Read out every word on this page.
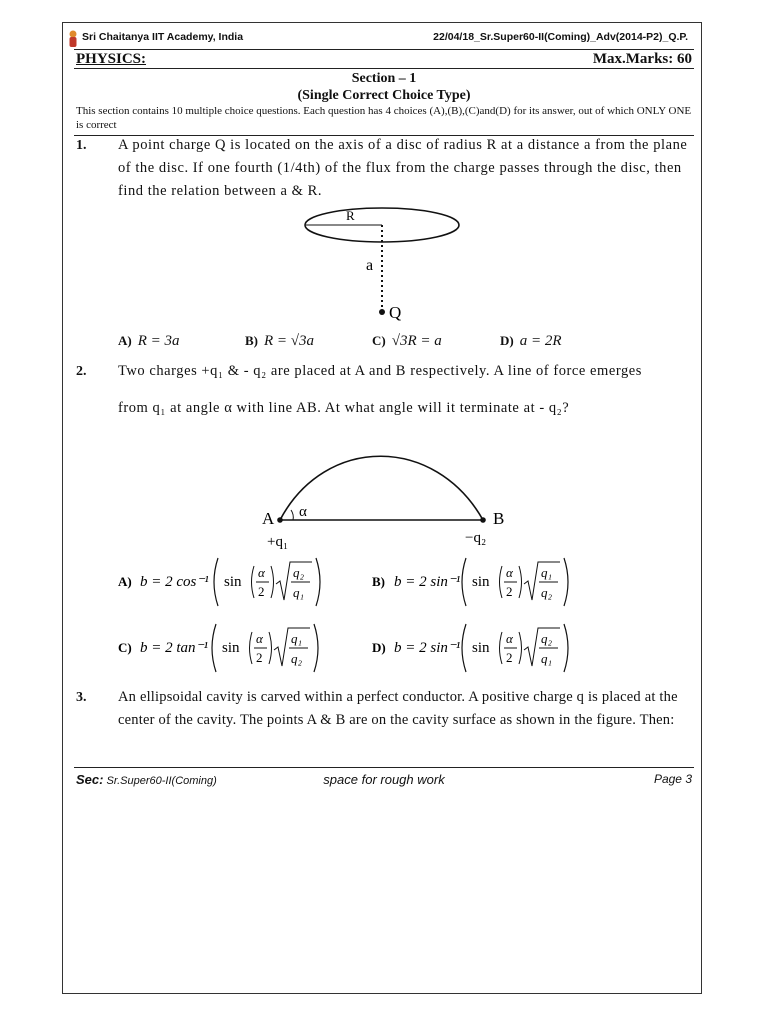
Sri Chaitanya IIT Academy, India	22/04/18_Sr.Super60-II(Coming)_Adv(2014-P2)_Q.P.
PHYSICS:	Max.Marks: 60
Section – 1
(Single Correct Choice Type)
This section contains 10 multiple choice questions. Each question has 4 choices (A),(B),(C)and(D) for its answer, out of which ONLY ONE is correct
1. A point charge Q is located on the axis of a disc of radius R at a distance a from the plane of the disc. If one fourth (1/4th) of the flux from the charge passes through the disc, then find the relation between a & R.
R
a
Q
A) R = 3a	B) R = √3a	C) √3R = a	D) a = 2R
2. Two charges +q₁ & - q₂ are placed at A and B respectively. A line of force emerges
from q₁ at angle α with line AB. At what angle will it terminate at - q₂?
A	B
α
+q₁	−q₂
A) b = 2 cos⁻¹ sin
α
2
q₂
q₁
B) b = 2 sin⁻¹ sin
α
2
q₁
q₂
C) b = 2 tan⁻¹ sin
α
2
q₁
q₂
D) b = 2 sin⁻¹ sin
α
2
q₂
q₁
3. An ellipsoidal cavity is carved within a perfect conductor. A positive charge q is placed at the center of the cavity. The points A & B are on the cavity surface as shown in the figure. Then:
Sec: Sr.Super60-II(Coming)	space for rough work	Page 3
